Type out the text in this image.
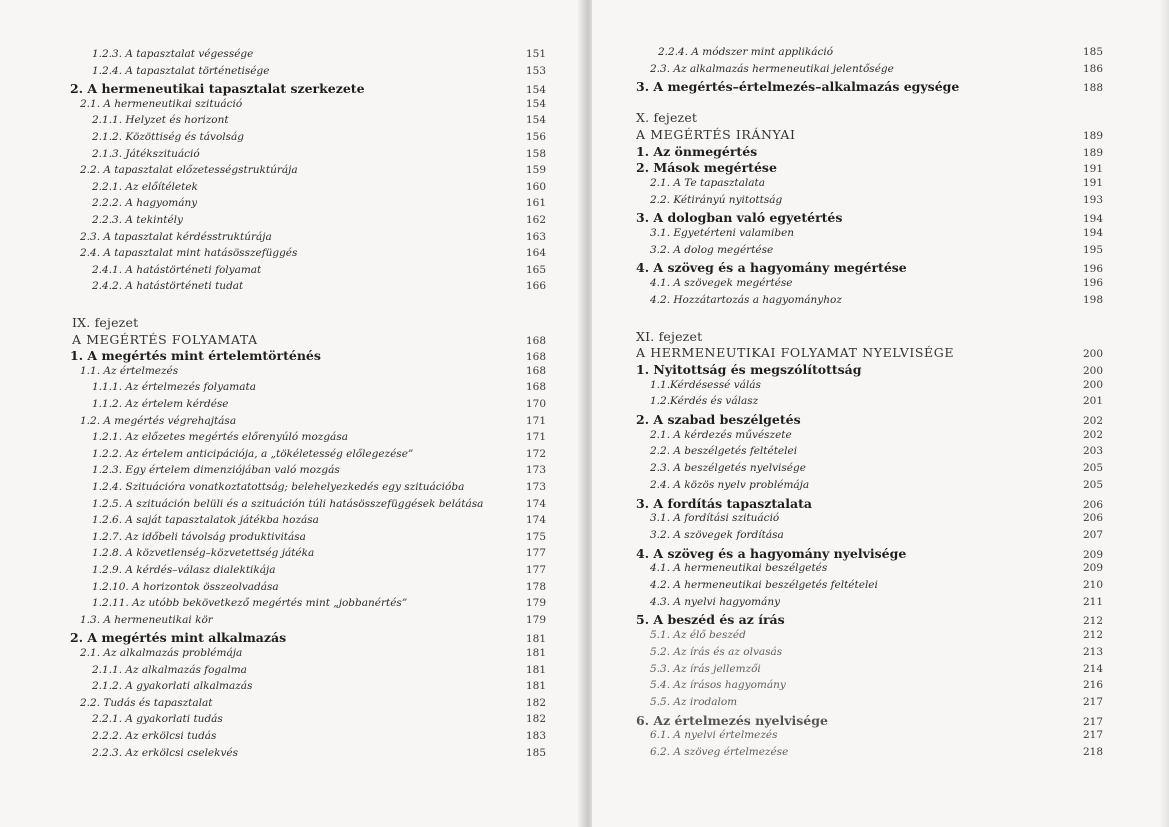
1.2.3. A tapasztalat végessége	151
1.2.4. A tapasztalat történetisége	153
2. A hermeneutikai tapasztalat szerkezete	154
2.1. A hermeneutikai szituáció	154
2.1.1. Helyzet és horizont	154
2.1.2. Közöttiség és távolság	156
2.1.3. Játékszituáció	158
2.2. A tapasztalat előzetességstruktúrája	159
2.2.1. Az előítéletek	160
2.2.2. A hagyomány	161
2.2.3. A tekintély	162
2.3. A tapasztalat kérdésstruktúrája	163
2.4. A tapasztalat mint hatásösszefüggés	164
2.4.1. A hatástörténeti folyamat	165
2.4.2. A hatástörténeti tudat	166
IX. fejezet
A MEGÉRTÉS FOLYAMATA	168
1. A megértés mint értelemtörténés	168
1.1. Az értelmezés	168
1.1.1. Az értelmezés folyamata	168
1.1.2. Az értelem kérdése	170
1.2. A megértés végrehajtása	171
1.2.1. Az előzetes megértés előrenyúló mozgása	171
1.2.2. Az értelem anticipációja, a „tökéletesség előlegezése”	172
1.2.3. Egy értelem dimenziójában való mozgás	173
1.2.4. Szituációra vonatkoztatottság; belehelyezkedés egy szituációba	173
1.2.5. A szituáción belüli és a szituáción túli hatásösszefüggések belátása	174
1.2.6. A saját tapasztalatok játékba hozása	174
1.2.7. Az időbeli távolság produktivitása	175
1.2.8. A közvetlenség–közvetettség játéka	177
1.2.9. A kérdés–válasz dialektikája	177
1.2.10. A horizontok összeolvadása	178
1.2.11. Az utóbb bekövetkező megértés mint „jobbanértés”	179
1.3. A hermeneutikai kör	179
2. A megértés mint alkalmazás	181
2.1. Az alkalmazás problémája	181
2.1.1. Az alkalmazás fogalma	181
2.1.2. A gyakorlati alkalmazás	181
2.2. Tudás és tapasztalat	182
2.2.1. A gyakorlati tudás	182
2.2.2. Az erkölcsi tudás	183
2.2.3. Az erkölcsi cselekvés	185
2.2.4. A módszer mint applikáció	185
2.3. Az alkalmazás hermeneutikai jelentősége	186
3. A megértés–értelmezés–alkalmazás egysége	188
X. fejezet
A MEGÉRTÉS IRÁNYAI	189
1. Az önmegértés	189
2. Mások megértése	191
2.1. A Te tapasztalata	191
2.2. Kétirányú nyitottság	193
3. A dologban való egyetértés	194
3.1. Egyetérteni valamiben	194
3.2. A dolog megértése	195
4. A szöveg és a hagyomány megértése	196
4.1. A szövegek megértése	196
4.2. Hozzátartozás a hagyományhoz	198
XI. fejezet
A HERMENEUTIKAI FOLYAMAT NYELVISÉGE	200
1. Nyitottság és megszólítottság	200
1.1.Kérdésessé válás	200
1.2.Kérdés és válasz	201
2. A szabad beszélgetés	202
2.1. A kérdezés művészete	202
2.2. A beszélgetés feltételei	203
2.3. A beszélgetés nyelvisége	205
2.4. A közös nyelv problémája	205
3. A fordítás tapasztalata	206
3.1. A fordítási szituáció	206
3.2. A szövegek fordítása	207
4. A szöveg és a hagyomány nyelvisége	209
4.1. A hermeneutikai beszélgetés	209
4.2. A hermeneutikai beszélgetés feltételei	210
4.3. A nyelvi hagyomány	211
5. A beszéd és az írás	212
5.1. Az élő beszéd	212
5.2. Az írás és az olvasás	213
5.3. Az írás jellemzői	214
5.4. Az írásos hagyomány	216
5.5. Az irodalom	217
6. Az értelmezés nyelvisége	217
6.1. A nyelvi értelmezés	217
6.2. A szöveg értelmezése	218
